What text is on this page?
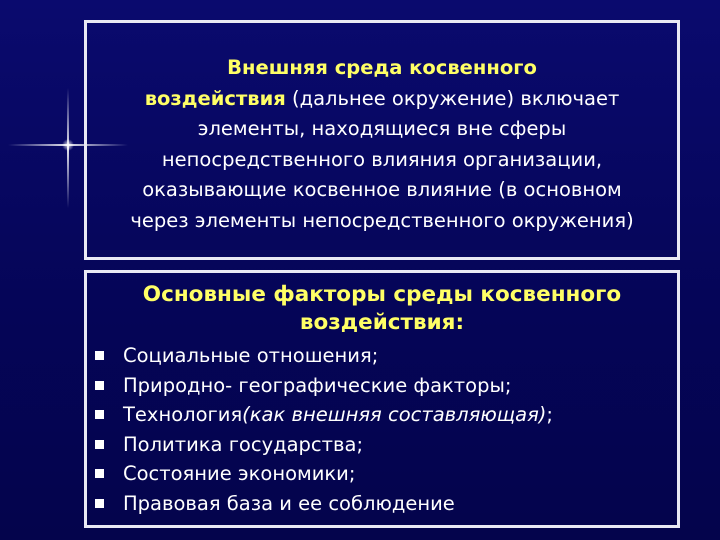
Внешняя среда косвенного
воздействия (дальнее окружение) включает
элементы, находящиеся вне сферы
непосредственного влияния организации,
оказывающие косвенное влияние (в основном
через элементы непосредственного окружения)
Основные факторы среды косвенного
воздействия:
Социальные отношения;
Природно- географические факторы;
Технология(как внешняя составляющая);
Политика государства;
Состояние экономики;
Правовая база и ее соблюдение
